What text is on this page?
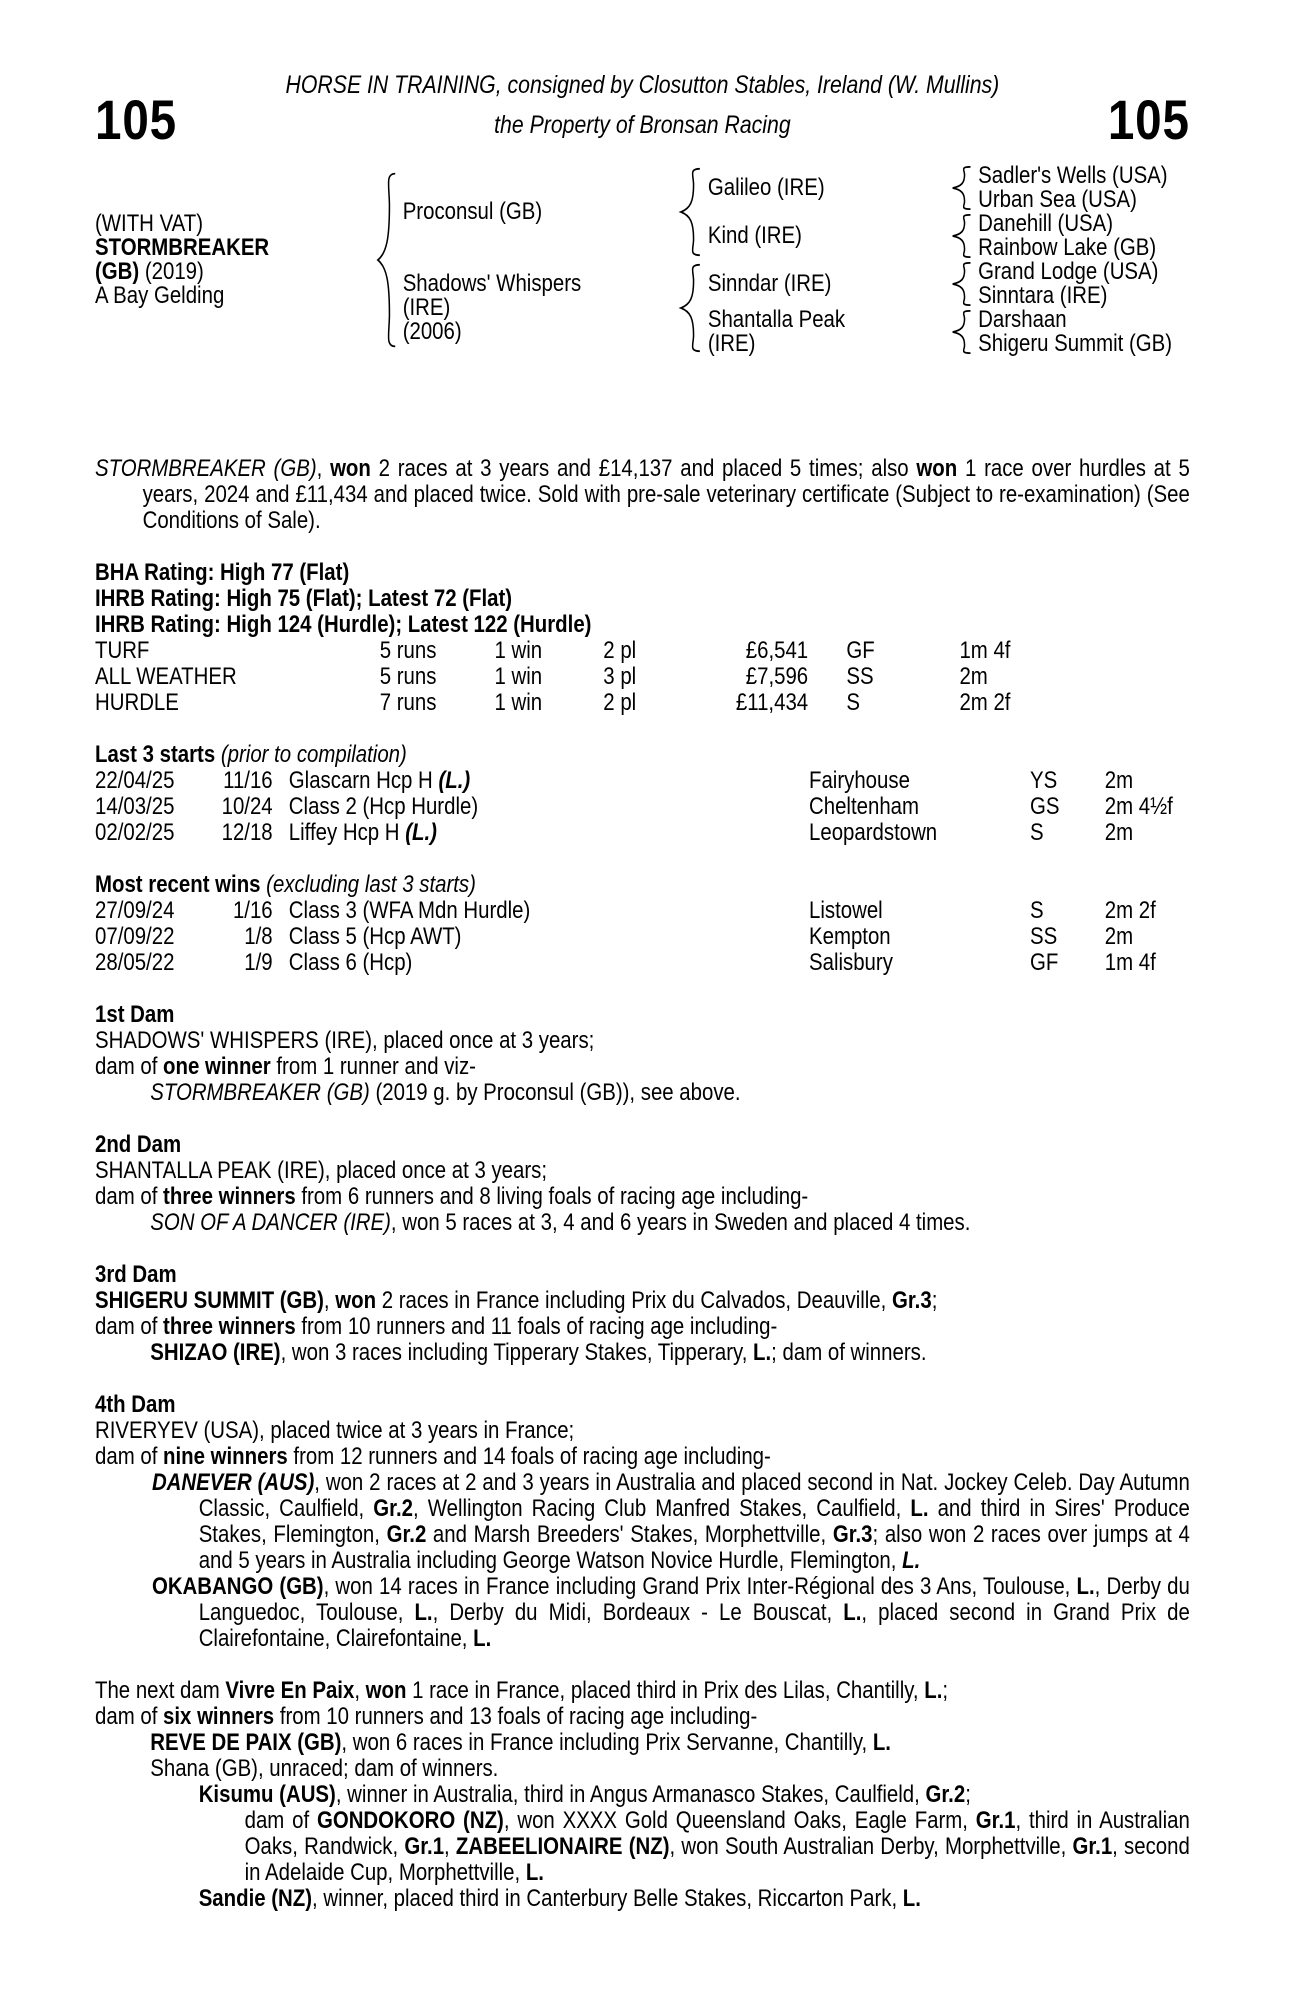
HORSE IN TRAINING, consigned by Closutton Stables, Ireland (W. Mullins)
105	the Property of Bronsan Racing	105
(WITH VAT)
STORMBREAKER
(GB) (2019)
A Bay Gelding
Proconsul (GB)
Shadows' Whispers
(IRE)
(2006)
Galileo (IRE)
Kind (IRE)
Sinndar (IRE)
Shantalla Peak
(IRE)
Sadler's Wells (USA)
Urban Sea (USA)
Danehill (USA)
Rainbow Lake (GB)
Grand Lodge (USA)
Sinntara (IRE)
Darshaan
Shigeru Summit (GB)

STORMBREAKER (GB), won 2 races at 3 years and £14,137 and placed 5 times; also won 1 race over hurdles at 5 years, 2024 and £11,434 and placed twice. Sold with pre-sale veterinary certificate (Subject to re-examination) (See Conditions of Sale).

BHA Rating: High 77 (Flat)

IHRB Rating: High 75 (Flat); Latest 72 (Flat)

IHRB Rating: High 124 (Hurdle); Latest 122 (Hurdle)

TURF	5 runs	1 win	2 pl	£6,541 GF	1m 4f
ALL WEATHER	5 runs	1 win	3 pl	£7,596 SS	2m
HURDLE	7 runs	1 win	2 pl	£11,434 S	2m 2f

Last 3 starts (prior to compilation)

22/04/25	11/16 Glascarn Hcp H (L.)	Fairyhouse	YS	2m
14/03/25	10/24 Class 2 (Hcp Hurdle)	Cheltenham	GS	2m 4½f
02/02/25	12/18 Liffey Hcp H (L.)	Leopardstown	S	2m

Most recent wins (excluding last 3 starts)

27/09/24	1/16 Class 3 (WFA Mdn Hurdle)	Listowel	S	2m 2f
07/09/22	1/8 Class 5 (Hcp AWT)	Kempton	SS	2m
28/05/22	1/9 Class 6 (Hcp)	Salisbury	GF	1m 4f

1st Dam

SHADOWS' WHISPERS (IRE), placed once at 3 years;

dam of one winner from 1 runner and viz-

STORMBREAKER (GB) (2019 g. by Proconsul (GB)), see above.

2nd Dam

SHANTALLA PEAK (IRE), placed once at 3 years;

dam of three winners from 6 runners and 8 living foals of racing age including-

SON OF A DANCER (IRE), won 5 races at 3, 4 and 6 years in Sweden and placed 4 times.

3rd Dam

SHIGERU SUMMIT (GB), won 2 races in France including Prix du Calvados, Deauville, Gr.3;

dam of three winners from 10 runners and 11 foals of racing age including-

SHIZAO (IRE), won 3 races including Tipperary Stakes, Tipperary, L.; dam of winners.

4th Dam

RIVERYEV (USA), placed twice at 3 years in France;

dam of nine winners from 12 runners and 14 foals of racing age including-

DANEVER (AUS), won 2 races at 2 and 3 years in Australia and placed second in Nat. Jockey Celeb. Day Autumn Classic, Caulfield, Gr.2, Wellington Racing Club Manfred Stakes, Caulfield, L. and third in Sires' Produce Stakes, Flemington, Gr.2 and Marsh Breeders' Stakes, Morphettville, Gr.3; also won 2 races over jumps at 4 and 5 years in Australia including George Watson Novice Hurdle, Flemington, L.

OKABANGO (GB), won 14 races in France including Grand Prix Inter-Régional des 3 Ans, Toulouse, L., Derby du Languedoc, Toulouse, L., Derby du Midi, Bordeaux - Le Bouscat, L., placed second in Grand Prix de Clairefontaine, Clairefontaine, L.

The next dam Vivre En Paix, won 1 race in France, placed third in Prix des Lilas, Chantilly, L.;

dam of six winners from 10 runners and 13 foals of racing age including-

REVE DE PAIX (GB), won 6 races in France including Prix Servanne, Chantilly, L.

Shana (GB), unraced; dam of winners.

Kisumu (AUS), winner in Australia, third in Angus Armanasco Stakes, Caulfield, Gr.2;

dam of GONDOKORO (NZ), won XXXX Gold Queensland Oaks, Eagle Farm, Gr.1, third in Australian Oaks, Randwick, Gr.1, ZABEELIONAIRE (NZ), won South Australian Derby, Morphettville, Gr.1, second in Adelaide Cup, Morphettville, L.

Sandie (NZ), winner, placed third in Canterbury Belle Stakes, Riccarton Park, L.
